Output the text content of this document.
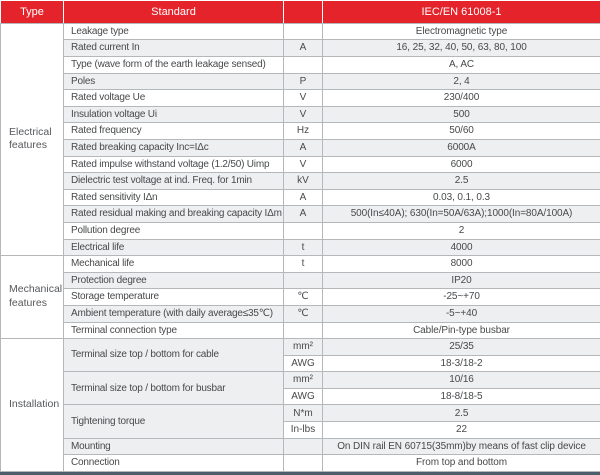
Type	Standard		IEC/EN 61008-1
Electrical features	Leakage type		Electromagnetic type
	Rated current In	A	16, 25, 32, 40, 50, 63, 80, 100
	Type (wave form of the earth leakage sensed)		A, AC
	Poles	P	2, 4
	Rated voltage Ue	V	230/400
	Insulation voltage Ui	V	500
	Rated frequency	Hz	50/60
	Rated breaking capacity Inc=IΔc	A	6000A
	Rated impulse withstand voltage (1.2/50) Uimp	V	6000
	Dielectric test voltage at ind. Freq. for 1min	kV	2.5
	Rated sensitivity IΔn	A	0.03, 0.1, 0.3
	Rated residual making and breaking capacity IΔm	A	500(In≤40A); 630(In=50A/63A);1000(In=80A/100A)
	Pollution degree		2
	Electrical life	t	4000
Mechanical features	Mechanical life	t	8000
	Protection degree		IP20
	Storage temperature	℃	-25~+70
	Ambient temperature (with daily average≤35℃)	℃	-5~+40
	Terminal connection type		Cable/Pin-type busbar
Installation	Terminal size top / bottom for cable	mm²	25/35
		AWG	18-3/18-2
	Terminal size top / bottom for busbar	mm²	10/16
		AWG	18-8/18-5
	Tightening torque	N*m	2.5
		In-lbs	22
	Mounting		On DIN rail EN 60715(35mm)by means of fast clip device
	Connection		From top and bottom
